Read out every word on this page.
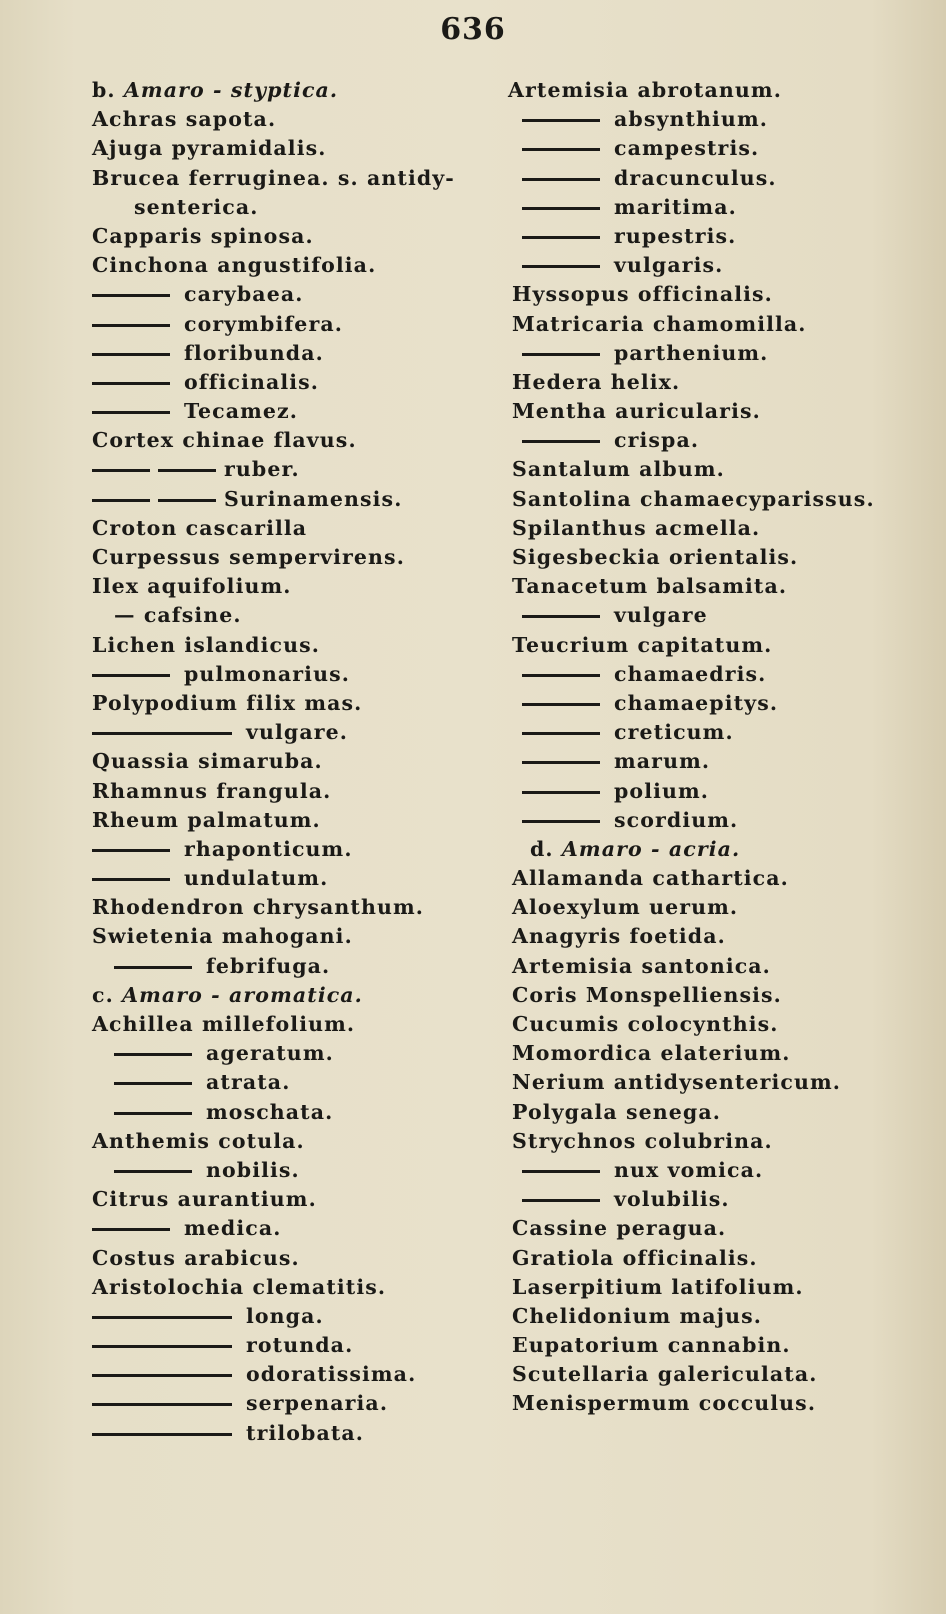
636
b. Amaro - styptica.
Achras sapota.
Ajuga pyramidalis.
Brucea ferruginea. s. antidy-
senterica.
Capparis spinosa.
Cinchona angustifolia.
carybaea.
corymbifera.
floribunda.
officinalis.
Tecamez.
Cortex chinae flavus.
ruber.
Surinamensis.
Croton cascarilla
Curpessus sempervirens.
Ilex aquifolium.
— cafsine.
Lichen islandicus.
pulmonarius.
Polypodium filix mas.
vulgare.
Quassia simaruba.
Rhamnus frangula.
Rheum palmatum.
rhaponticum.
undulatum.
Rhodendron chrysanthum.
Swietenia mahogani.
febrifuga.
c. Amaro - aromatica.
Achillea millefolium.
ageratum.
atrata.
moschata.
Anthemis cotula.
nobilis.
Citrus aurantium.
medica.
Costus arabicus.
Aristolochia clematitis.
longa.
rotunda.
odoratissima.
serpenaria.
trilobata.
Artemisia abrotanum.
absynthium.
campestris.
dracunculus.
maritima.
rupestris.
vulgaris.
Hyssopus officinalis.
Matricaria chamomilla.
parthenium.
Hedera helix.
Mentha auricularis.
crispa.
Santalum album.
Santolina chamaecyparissus.
Spilanthus acmella.
Sigesbeckia orientalis.
Tanacetum balsamita.
vulgare
Teucrium capitatum.
chamaedris.
chamaepitys.
creticum.
marum.
polium.
scordium.
d. Amaro - acria.
Allamanda cathartica.
Aloexylum uerum.
Anagyris foetida.
Artemisia santonica.
Coris Monspelliensis.
Cucumis colocynthis.
Momordica elaterium.
Nerium antidysentericum.
Polygala senega.
Strychnos colubrina.
nux vomica.
volubilis.
Cassine peragua.
Gratiola officinalis.
Laserpitium latifolium.
Chelidonium majus.
Eupatorium cannabin.
Scutellaria galericulata.
Menispermum cocculus.
